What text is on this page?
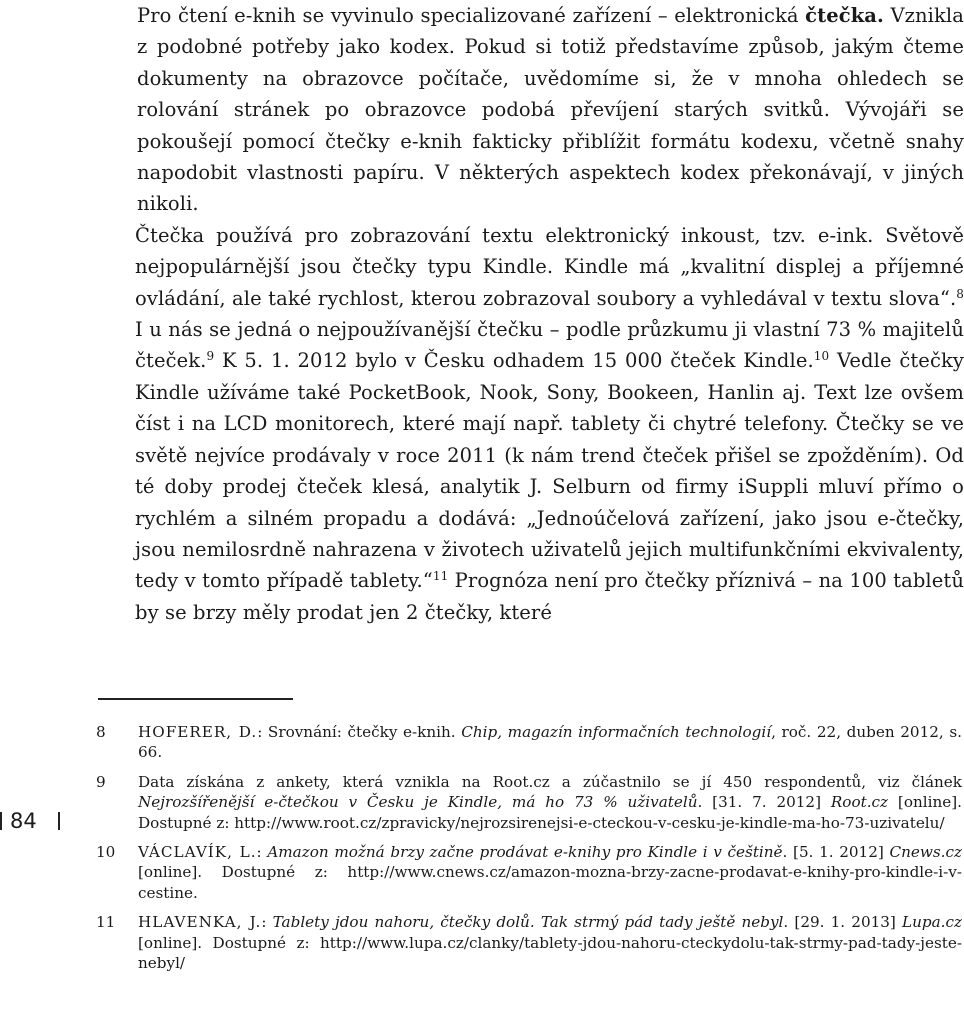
Pro čtení e-knih se vyvinulo specializované zařízení – elektronická čtečka. Vznikla z podobné potřeby jako kodex. Pokud si totiž představíme způsob, jakým čteme dokumenty na obrazovce počítače, uvědomíme si, že v mnoha ohledech se rolování stránek po obrazovce podobá převíjení starých svitků. Vývojáři se pokoušejí pomocí čtečky e-knih fakticky přiblížit formátu kodexu, včetně snahy napodobit vlastnosti papíru. V některých aspektech kodex překonávají, v jiných nikoli.

Čtečka používá pro zobrazování textu elektronický inkoust, tzv. e-ink. Světově nejpopulárnější jsou čtečky typu Kindle. Kindle má „kvalitní displej a příjemné ovládání, ale také rychlost, kterou zobrazoval soubory a vyhledával v textu slova“.$^8$ I u nás se jedná o nejpoužívanější čtečku – podle průzkumu ji vlastní 73 % majitelů čteček.$^9$ K 5. 1. 2012 bylo v Česku odhadem 15 000 čteček Kindle.$^{10}$ Vedle čtečky Kindle užíváme také PocketBook, Nook, Sony, Bookeen, Hanlin aj. Text lze ovšem číst i na LCD monitorech, které mají např. tablety či chytré telefony. Čtečky se ve světě nejvíce prodávaly v roce 2011 (k nám trend čteček přišel se zpožděním). Od té doby prodej čteček klesá, analytik J. Selburn od firmy iSuppli mluví přímo o rychlém a silném propadu a dodává: „Jednoúčelová zařízení, jako jsou e-čtečky, jsou nemilosrdně nahrazena v životech uživatelů jejich multifunkčními ekvivalenty, tedy v tomto případě tablety.“$^{11}$ Prognóza není pro čtečky příznivá – na 100 tabletů by se brzy měly prodat jen 2 čtečky, které

8	HOFERER, D.: Srovnání: čtečky e-knih. Chip, magazín informačních technologií, roč. 22, duben 2012, s. 66.

9	Data získána z ankety, která vznikla na Root.cz a zúčastnilo se jí 450 respondentů, viz článek Nejrozšířenější e-čtečkou v Česku je Kindle, má ho 73 % uživatelů. [31. 7. 2012] Root.cz [online]. Dostupné z: http://www.root.cz/zpravicky/nejrozsirenejsi-e-cteckou-v-cesku-je-kindle-ma-ho-73-uzivatelu/

10	VÁCLAVÍK, L.: Amazon možná brzy začne prodávat e-knihy pro Kindle i v češtině. [5. 1. 2012] Cnews.cz [online]. Dostupné z: http://www.cnews.cz/amazon-mozna-brzy-zacne-prodavat-e-knihy-pro-kindle-i-v-cestine.

11	HLAVENKA, J.: Tablety jdou nahoru, čtečky dolů. Tak strmý pád tady ještě nebyl. [29. 1. 2013] Lupa.cz [online]. Dostupné z: http://www.lupa.cz/clanky/tablety-jdou-nahoru-cteckydolu-tak-strmy-pad-tady-jeste-nebyl/

84
